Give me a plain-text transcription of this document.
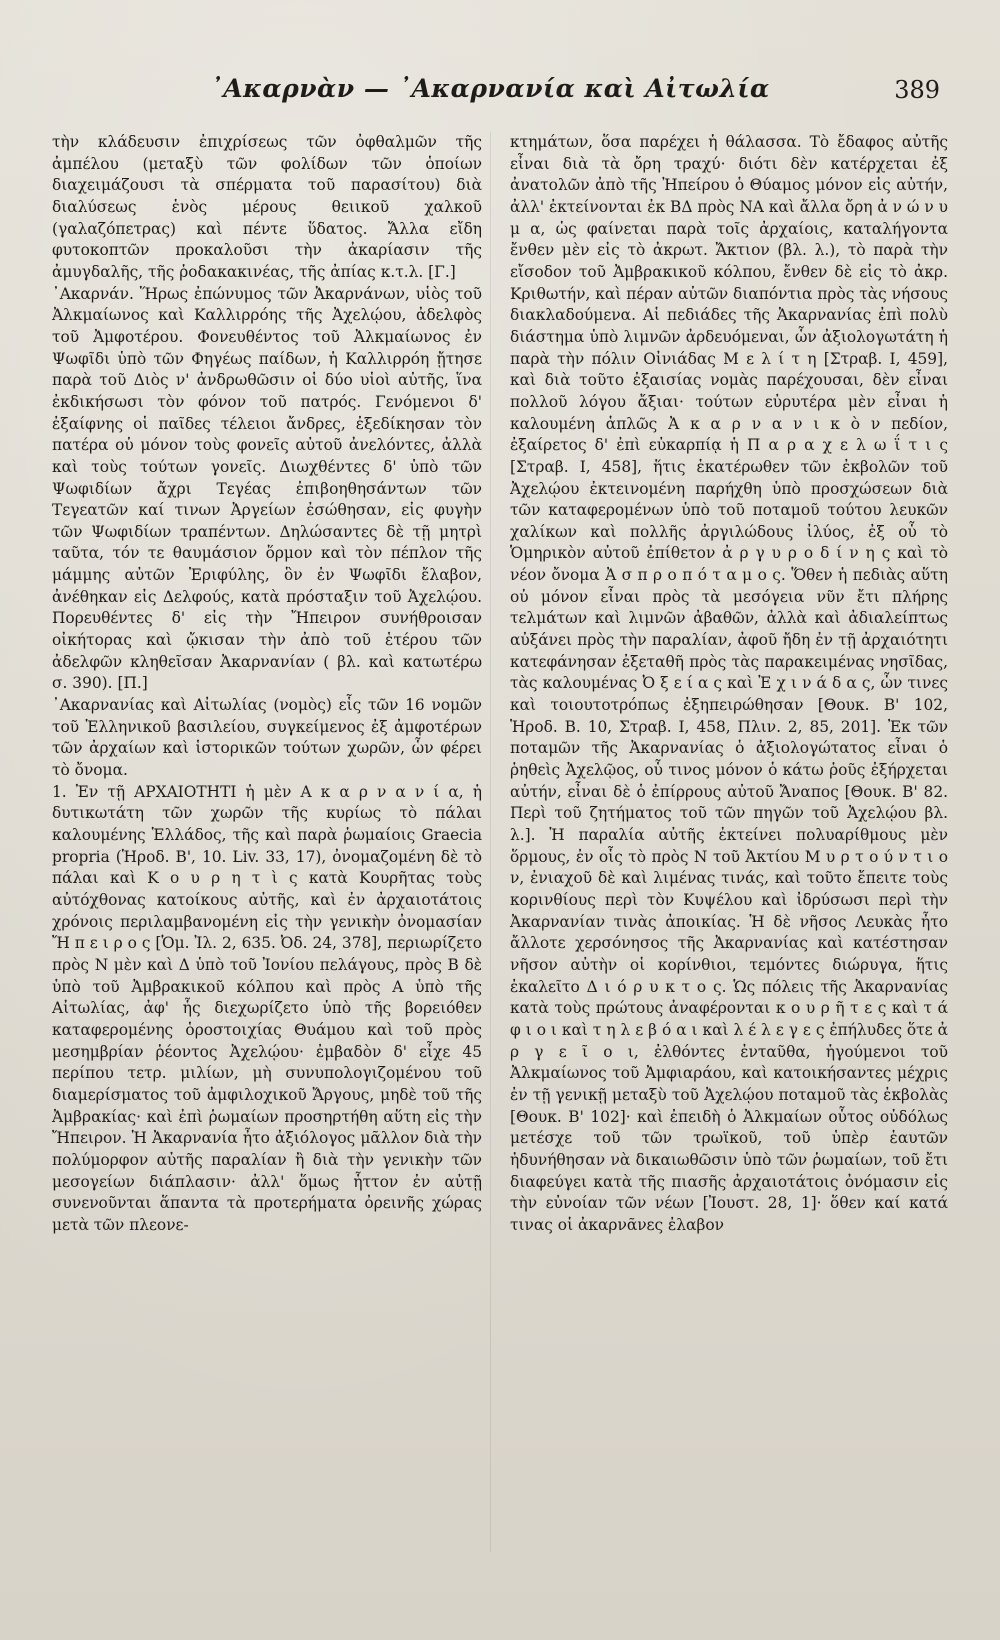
᾿Ακαρνὰν — ᾿Ακαρνανία καὶ Αἰτωλία	389

τὴν κλάδευσιν ἐπιχρίσεως τῶν ὀφθαλμῶν τῆς ἀμπέλου (μεταξὺ τῶν φολίδων τῶν ὁποίων διαχειμάζουσι τὰ σπέρματα τοῦ παρασίτου) διὰ διαλύσεως ἑνὸς μέρους θειικοῦ χαλκοῦ (γαλαζόπετρας) καὶ πέντε ὕδατος. Ἄλλα εἴδη φυτοκοπτῶν προκαλοῦσι τὴν ἀκαρίασιν τῆς ἀμυγδαλῆς, τῆς ῥοδακακινέας, τῆς ἀπίας κ.τ.λ. [Γ.]

᾿Ακαρνάν. Ἥρως ἐπώνυμος τῶν Ἀκαρνάνων, υἱὸς τοῦ Ἀλκμαίωνος καὶ Καλλιρρόης τῆς Ἀχελῴου, ἀδελφὸς τοῦ Ἀμφοτέρου. Φονευθέντος τοῦ Ἀλκμαίωνος ἐν Ψωφῖδι ὑπὸ τῶν Φηγέως παίδων, ἡ Καλλιρρόη ᾔτησε παρὰ τοῦ Διὸς ν' ἀνδρωθῶσιν οἱ δύο υἱοὶ αὐτῆς, ἵνα ἐκδικήσωσι τὸν φόνον τοῦ πατρός. Γενόμενοι δ' ἐξαίφνης οἱ παῖδες τέλειοι ἄνδρες, ἐξεδίκησαν τὸν πατέρα οὐ μόνον τοὺς φονεῖς αὐτοῦ ἀνελόντες, ἀλλὰ καὶ τοὺς τούτων γονεῖς. Διωχθέντες δ' ὑπὸ τῶν Ψωφιδίων ἄχρι Τεγέας ἐπιβοηθησάντων τῶν Τεγεατῶν καί τινων Ἀργείων ἐσώθησαν, εἰς φυγὴν τῶν Ψωφιδίων τραπέντων. Δηλώσαντες δὲ τῇ μητρὶ ταῦτα, τόν τε θαυμάσιον ὅρμον καὶ τὸν πέπλον τῆς μάμμης αὐτῶν Ἐριφύλης, ὃν ἐν Ψωφῖδι ἔλαβον, ἀνέθηκαν εἰς Δελφούς, κατὰ πρόσταξιν τοῦ Ἀχελῴου. Πορευθέντες δ' εἰς τὴν Ἤπειρον συνήθροισαν οἰκήτορας καὶ ᾤκισαν τὴν ἀπὸ τοῦ ἑτέρου τῶν ἀδελφῶν κληθεῖσαν Ἀκαρνανίαν ( βλ. καὶ κατωτέρω σ. 390). [Π.]

᾿Ακαρνανίας καὶ Αἰτωλίας (νομὸς) εἷς τῶν 16 νομῶν τοῦ Ἑλληνικοῦ βασιλείου, συγκείμενος ἐξ ἀμφοτέρων τῶν ἀρχαίων καὶ ἱστορικῶν τούτων χωρῶν, ὧν φέρει τὸ ὄνομα.

1. Ἐν τῇ ΑΡΧΑΙΟΤΗΤΙ ἡ μὲν Α κ α ρ ν α ν ί α, ἡ δυτικωτάτη τῶν χωρῶν τῆς κυρίως τὸ πάλαι καλουμένης Ἑλλάδος, τῆς καὶ παρὰ ῥωμαίοις Graecia propria (Ἡροδ. Β', 10. Liv. 33, 17), ὀνομαζομένη δὲ τὸ πάλαι καὶ Κ ο υ ρ η τ ὶ ς κατὰ Κουρῆτας τοὺς αὐτόχθονας κατοίκους αὐτῆς, καὶ ἐν ἀρχαιοτάτοις χρόνοις περιλαμβανομένη εἰς τὴν γενικὴν ὀνομασίαν Ἤ π ε ι ρ ο ς [Ὁμ. Ἰλ. 2, 635. Ὀδ. 24, 378], περιωρίζετο πρὸς Ν μὲν καὶ Δ ὑπὸ τοῦ Ἰονίου πελάγους, πρὸς Β δὲ ὑπὸ τοῦ Ἀμβρακικοῦ κόλπου καὶ πρὸς Α ὑπὸ τῆς Αἰτωλίας, ἀφ' ἧς διεχωρίζετο ὑπὸ τῆς βορειόθεν καταφερομένης ὁροστοιχίας Θυάμου καὶ τοῦ πρὸς μεσημβρίαν ῥέοντος Ἀχελῴου· ἐμβαδὸν δ' εἶχε 45 περίπου τετρ. μιλίων, μὴ συνυπολογιζομένου τοῦ διαμερίσματος τοῦ ἀμφιλοχικοῦ Ἄργους, μηδὲ τοῦ τῆς Ἀμβρακίας· καὶ ἐπὶ ῥωμαίων προσηρτήθη αὕτη εἰς τὴν Ἤπειρον. Ἡ Ἀκαρνανία ἦτο ἀξιόλογος μᾶλλον διὰ τὴν πολύμορφον αὐτῆς παραλίαν ἢ διὰ τὴν γενικὴν τῶν μεσογείων διάπλασιν· ἀλλ' ὅμως ἧττον ἐν αὐτῇ συνενοῦνται ἅπαντα τὰ προτερήματα ὀρεινῆς χώρας μετὰ τῶν πλεονε-

κτημάτων, ὅσα παρέχει ἡ θάλασσα. Τὸ ἔδαφος αὐτῆς εἶναι διὰ τὰ ὄρη τραχύ· διότι δὲν κατέρχεται ἐξ ἀνατολῶν ἀπὸ τῆς Ἠπείρου ὁ Θύαμος μόνον εἰς αὐτήν, ἀλλ' ἐκτείνονται ἐκ ΒΔ πρὸς ΝΑ καὶ ἄλλα ὄρη ἀ ν ώ ν υ μ α, ὡς φαίνεται παρὰ τοῖς ἀρχαίοις, καταλήγοντα ἔνθεν μὲν εἰς τὸ ἀκρωτ. Ἄκτιον (βλ. λ.), τὸ παρὰ τὴν εἴσοδον τοῦ Ἀμβρακικοῦ κόλπου, ἔνθεν δὲ εἰς τὸ ἀκρ. Κριθωτήν, καὶ πέραν αὐτῶν διαπόντια πρὸς τὰς νήσους διακλαδούμενα. Αἱ πεδιάδες τῆς Ἀκαρνανίας ἐπὶ πολὺ διάστημα ὑπὸ λιμνῶν ἀρδευόμεναι, ὧν ἀξιολογωτάτη ἡ παρὰ τὴν πόλιν Οἰνιάδας Μ ε λ ί τ η [Στραβ. Ι, 459], καὶ διὰ τοῦτο ἐξαισίας νομὰς παρέχουσαι, δὲν εἶναι πολλοῦ λόγου ἄξιαι· τούτων εὐρυτέρα μὲν εἶναι ἡ καλουμένη ἁπλῶς Ἀ κ α ρ ν α ν ι κ ὸ ν πεδίον, ἐξαίρετος δ' ἐπὶ εὐκαρπίᾳ ἡ Π α ρ α χ ε λ ω ΐ τ ι ς [Στραβ. Ι, 458], ἥτις ἑκατέρωθεν τῶν ἐκβολῶν τοῦ Ἀχελῴου ἐκτεινομένη παρήχθη ὑπὸ προσχώσεων διὰ τῶν καταφερομένων ὑπὸ τοῦ ποταμοῦ τούτου λευκῶν χαλίκων καὶ πολλῆς ἀργιλώδους ἰλύος, ἐξ οὗ τὸ Ὁμηρικὸν αὐτοῦ ἐπίθετον ἀ ρ γ υ ρ ο δ ί ν η ς καὶ τὸ νέον ὄνομα Ἀ σ π ρ ο π ό τ α μ ο ς. Ὅθεν ἡ πεδιὰς αὕτη οὐ μόνον εἶναι πρὸς τὰ μεσόγεια νῦν ἔτι πλήρης τελμάτων καὶ λιμνῶν ἀβαθῶν, ἀλλὰ καὶ ἀδιαλείπτως αὐξάνει πρὸς τὴν παραλίαν, ἀφοῦ ἤδη ἐν τῇ ἀρχαιότητι κατεφάνησαν ἐξεταθῆ πρὸς τὰς παρακειμένας νησῖδας, τὰς καλουμένας Ὀ ξ ε ί α ς καὶ Ἐ χ ι ν ά δ α ς, ὧν τινες καὶ τοιουτοτρόπως ἐξηπειρώθησαν [Θουκ. Β' 102, Ἡροδ. Β. 10, Στραβ. Ι, 458, Πλιν. 2, 85, 201]. Ἐκ τῶν ποταμῶν τῆς Ἀκαρνανίας ὁ ἀξιολογώτατος εἶναι ὁ ῥηθεὶς Ἀχελῷος, οὗ τινος μόνον ὁ κάτω ῥοῦς ἐξήρχεται αὐτήν, εἶναι δὲ ὁ ἐπίρρους αὐτοῦ Ἄναπος [Θουκ. Β' 82. Περὶ τοῦ ζητήματος τοῦ τῶν πηγῶν τοῦ Ἀχελῴου βλ. λ.]. Ἡ παραλία αὐτῆς ἐκτείνει πολυαρίθμους μὲν ὅρμους, ἐν οἷς τὸ πρὸς Ν τοῦ Ἀκτίου Μ υ ρ τ ο ύ ν τ ι ο ν, ἐνιαχοῦ δὲ καὶ λιμένας τινάς, καὶ τοῦτο ἔπειτε τοὺς κορινθίους περὶ τὸν Κυψέλου καὶ ἰδρύσωσι περὶ τὴν Ἀκαρνανίαν τινὰς ἀποικίας. Ἡ δὲ νῆσος Λευκὰς ἦτο ἄλλοτε χερσόνησος τῆς Ἀκαρνανίας καὶ κατέστησαν νῆσον αὐτὴν οἱ κορίνθιοι, τεμόντες διώρυγα, ἥτις ἐκαλεῖτο Δ ι ό ρ υ κ τ ο ς. Ὡς πόλεις τῆς Ἀκαρνανίας κατὰ τοὺς πρώτους ἀναφέρονται κ ο υ ρ ῆ τ ε ς καὶ τ ά φ ι ο ι καὶ τ η λ ε β ό α ι καὶ λ έ λ ε γ ε ς ἐπήλυδες ὅτε ἀ ρ γ ε ῖ ο ι, ἐλθόντες ἐνταῦθα, ἡγούμενοι τοῦ Ἀλκμαίωνος τοῦ Ἀμφιαράου, καὶ κατοικήσαντες μέχρις ἐν τῇ γενικῇ μεταξὺ τοῦ Ἀχελῴου ποταμοῦ τὰς ἐκβολὰς [Θουκ. Β' 102]· καὶ ἐπειδὴ ὁ Ἀλκμαίων οὗτος οὐδόλως μετέσχε τοῦ τῶν τρωϊκοῦ, τοῦ ὑπὲρ ἑαυτῶν ἠδυνήθησαν νὰ δικαιωθῶσιν ὑπὸ τῶν ῥωμαίων, τοῦ ἔτι διαφεύγει κατὰ τῆς πιασῆς ἀρχαιοτάτοις ὀνόμασιν εἰς τὴν εὐνοίαν τῶν νέων [Ἰουστ. 28, 1]· ὅθεν καί κατά τινας οἱ ἀκαρνᾶνες ἐλαβον
